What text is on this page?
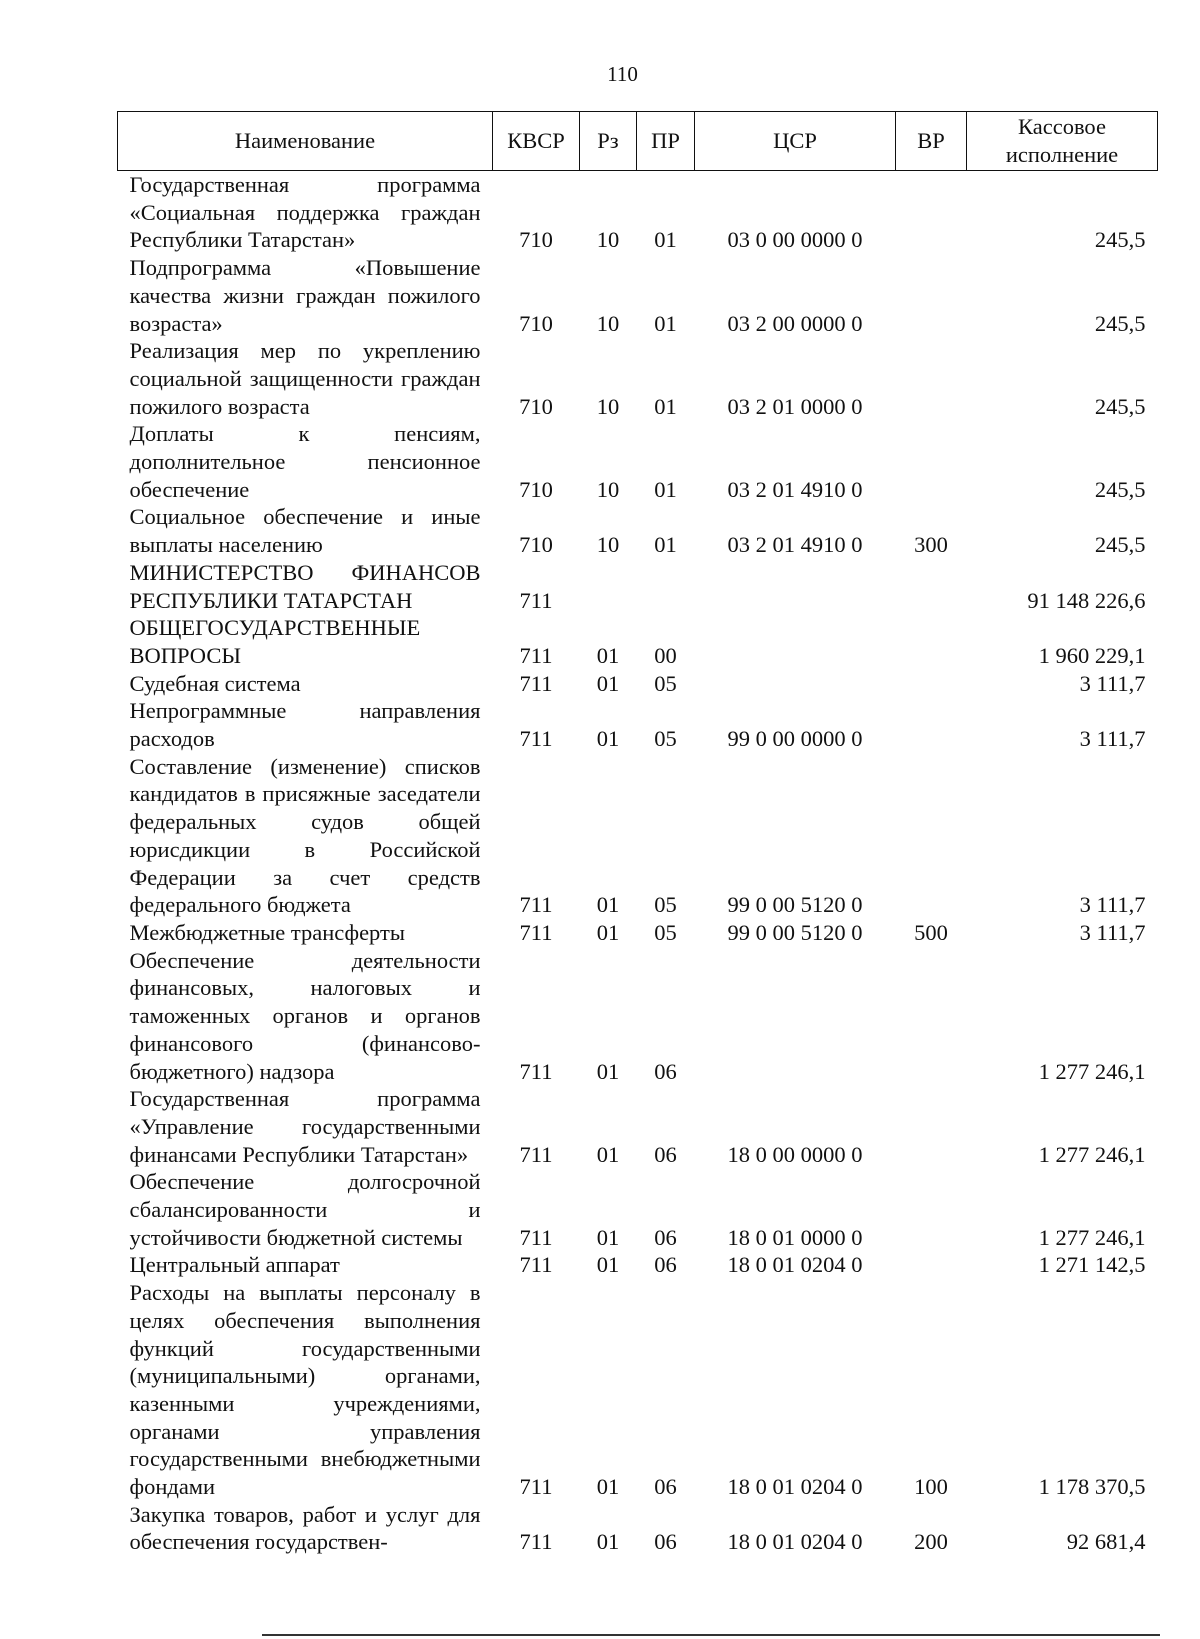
110
Наименование	КВСР	Рз	ПР	ЦСР	ВР	Кассовое исполнение
Государственная программа «Социальная поддержка граждан Республики Татарстан»	710	10	01	03 0 00 0000 0		245,5
Подпрограмма «Повышение качества жизни граждан пожилого возраста»	710	10	01	03 2 00 0000 0		245,5
Реализация мер по укреплению социальной защищенности граждан пожилого возраста	710	10	01	03 2 01 0000 0		245,5
Доплаты к пенсиям, дополнительное пенсионное обеспечение	710	10	01	03 2 01 4910 0		245,5
Социальное обеспечение и иные выплаты населению	710	10	01	03 2 01 4910 0	300	245,5
МИНИСТЕРСТВО ФИНАНСОВ РЕСПУБЛИКИ ТАТАРСТАН	711					91 148 226,6
ОБЩЕГОСУДАРСТВЕННЫЕ ВОПРОСЫ	711	01	00			1 960 229,1
Судебная система	711	01	05			3 111,7
Непрограммные направления расходов	711	01	05	99 0 00 0000 0		3 111,7
Составление (изменение) списков кандидатов в присяжные заседатели федеральных судов общей юрисдикции в Российской Федерации за счет средств федерального бюджета	711	01	05	99 0 00 5120 0		3 111,7
Межбюджетные трансферты	711	01	05	99 0 00 5120 0	500	3 111,7
Обеспечение деятельности финансовых, налоговых и таможенных органов и органов финансового (финансово-бюджетного) надзора	711	01	06			1 277 246,1
Государственная программа «Управление государственными финансами Республики Татарстан»	711	01	06	18 0 00 0000 0		1 277 246,1
Обеспечение долгосрочной сбалансированности и устойчивости бюджетной системы	711	01	06	18 0 01 0000 0		1 277 246,1
Центральный аппарат	711	01	06	18 0 01 0204 0		1 271 142,5
Расходы на выплаты персоналу в целях обеспечения выполнения функций государственными (муниципальными) органами, казенными учреждениями, органами управления государственными внебюджетными фондами	711	01	06	18 0 01 0204 0	100	1 178 370,5
Закупка товаров, работ и услуг для обеспечения государствен-	711	01	06	18 0 01 0204 0	200	92 681,4
